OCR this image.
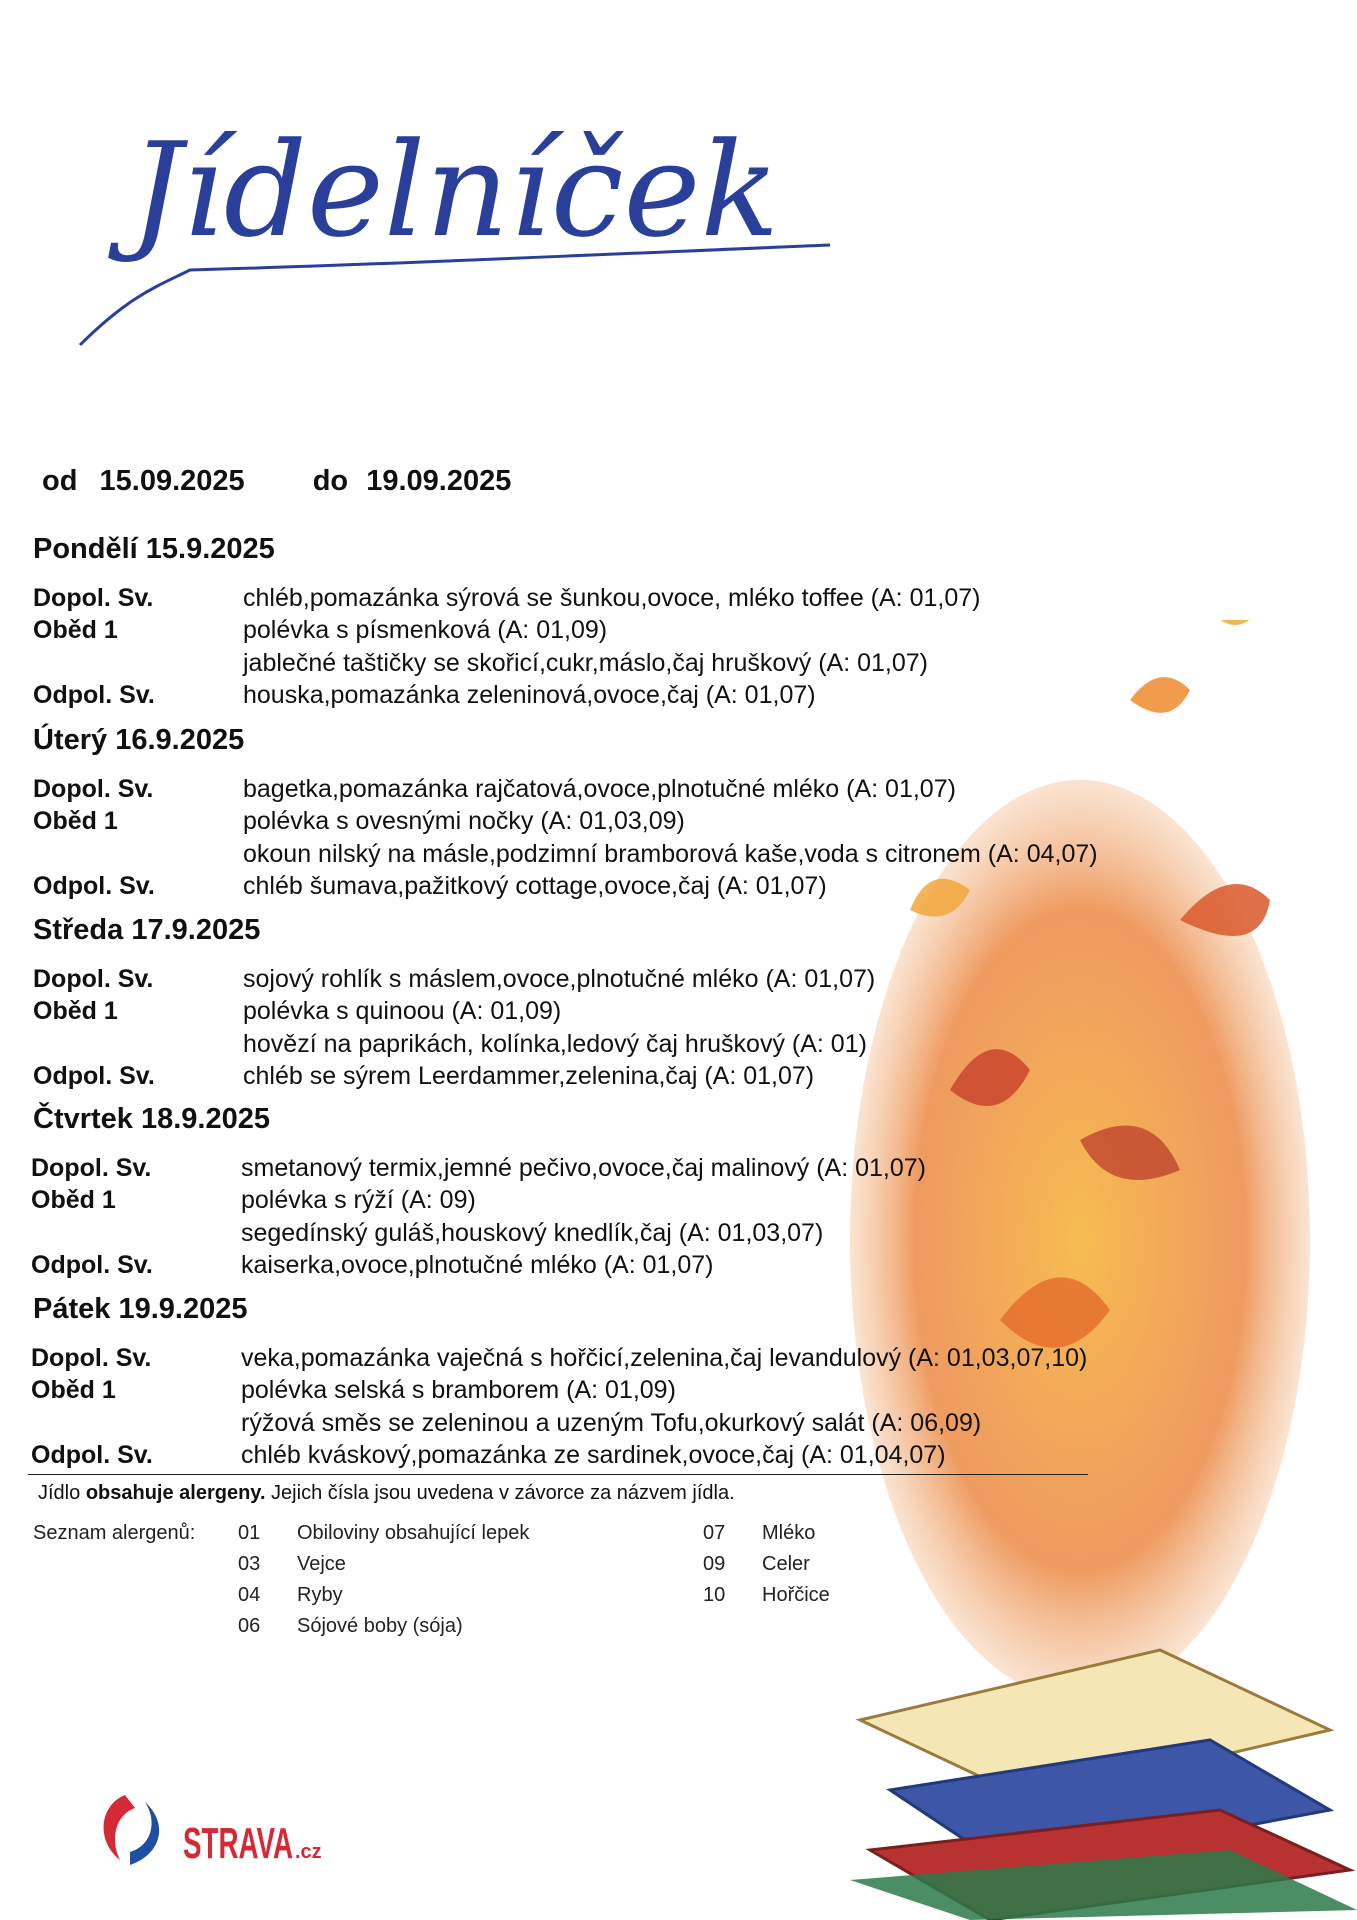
Jídelníček
od 15.09.2025 do 19.09.2025
Pondělí 15.9.2025
Dopol. Sv.	chléb,pomazánka sýrová se šunkou,ovoce, mléko toffee (A: 01,07)
Oběd 1	polévka s písmenková (A: 01,09)
jablečné taštičky se skořicí,cukr,máslo,čaj hruškový (A: 01,07)
Odpol. Sv.	houska,pomazánka zeleninová,ovoce,čaj (A: 01,07)
Úterý 16.9.2025
Dopol. Sv.	bagetka,pomazánka rajčatová,ovoce,plnotučné mléko (A: 01,07)
Oběd 1	polévka s ovesnými nočky (A: 01,03,09)
okoun nilský na másle,podzimní bramborová kaše,voda s citronem (A: 04,07)
Odpol. Sv.	chléb šumava,pažitkový cottage,ovoce,čaj (A: 01,07)
Středa 17.9.2025
Dopol. Sv.	sojový rohlík s máslem,ovoce,plnotučné mléko (A: 01,07)
Oběd 1	polévka s quinoou (A: 01,09)
hovězí na paprikách, kolínka,ledový čaj hruškový (A: 01)
Odpol. Sv.	chléb se sýrem Leerdammer,zelenina,čaj (A: 01,07)
Čtvrtek 18.9.2025
Dopol. Sv.	smetanový termix,jemné pečivo,ovoce,čaj malinový (A: 01,07)
Oběd 1	polévka s rýží (A: 09)
segedínský guláš,houskový knedlík,čaj (A: 01,03,07)
Odpol. Sv.	kaiserka,ovoce,plnotučné mléko (A: 01,07)
Pátek 19.9.2025
Dopol. Sv.	veka,pomazánka vaječná s hořčicí,zelenina,čaj levandulový (A: 01,03,07,10)
Oběd 1	polévka selská s bramborem (A: 01,09)
rýžová směs se zeleninou a uzeným Tofu,okurkový salát (A: 06,09)
Odpol. Sv.	chléb kváskový,pomazánka ze sardinek,ovoce,čaj (A: 01,04,07)
Jídlo obsahuje alergeny. Jejich čísla jsou uvedena v závorce za názvem jídla.
Seznam alergenů: 01 Obiloviny obsahující lepek
03 Vejce
04 Ryby
06 Sójové boby (sója)
07 Mléko
09 Celer
10 Hořčice
STRAVA .cz
